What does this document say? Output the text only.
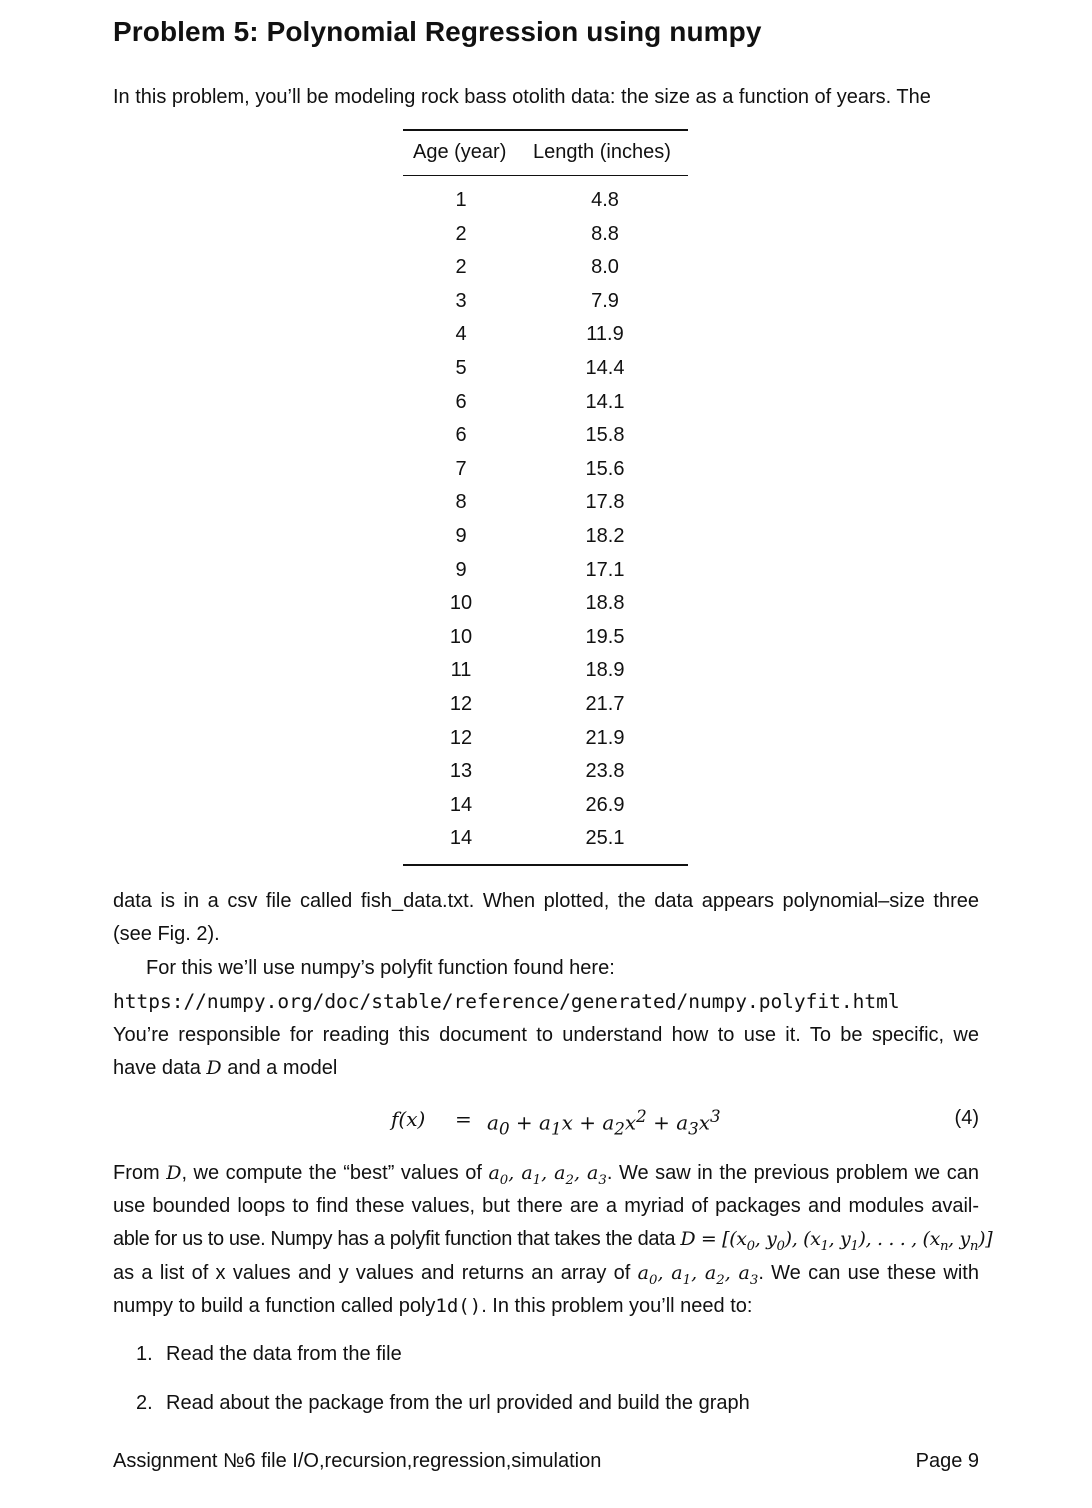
Problem 5: Polynomial Regression using numpy
In this problem, you’ll be modeling rock bass otolith data: the size as a function of years. The
Age (year) Length (inches)
1	4.8
2	8.8
2	8.0
3	7.9
4	11.9
5	14.4
6	14.1
6	15.8
7	15.6
8	17.8
9	18.2
9	17.1
10	18.8
10	19.5
11	18.9
12	21.7
12	21.9
13	23.8
14	26.9
14	25.1
data is in a csv file called fish_data.txt. When plotted, the data appears polynomial–size three
(see Fig. 2).
For this we’ll use numpy’s polyfit function found here:
https://numpy.org/doc/stable/reference/generated/numpy.polyfit.html
You’re responsible for reading this document to understand how to use it. To be specific, we
have data D and a model
$f(x) = a_0 + a_1x + a_2x^2 + a_3x^3$	(4)
From D, we compute the “best” values of $a_0$, $a_1$, $a_2$, $a_3$. We saw in the previous problem we can
use bounded loops to find these values, but there are a myriad of packages and modules avail-
able for us to use. Numpy has a polyfit function that takes the data $D = [(x_0$, $y_0$), ($x_1$, $y_1$), . . . , ($x_n$, $y_n$)]
as a list of x values and y values and returns an array of $a_0$, $a_1$, $a_2$, $a_3$. We can use these with
numpy to build a function called poly1d(). In this problem you’ll need to:
1. Read the data from the file
2. Read about the package from the url provided and build the graph
Assignment №6 file I/O,recursion,regression,simulation	Page 9
